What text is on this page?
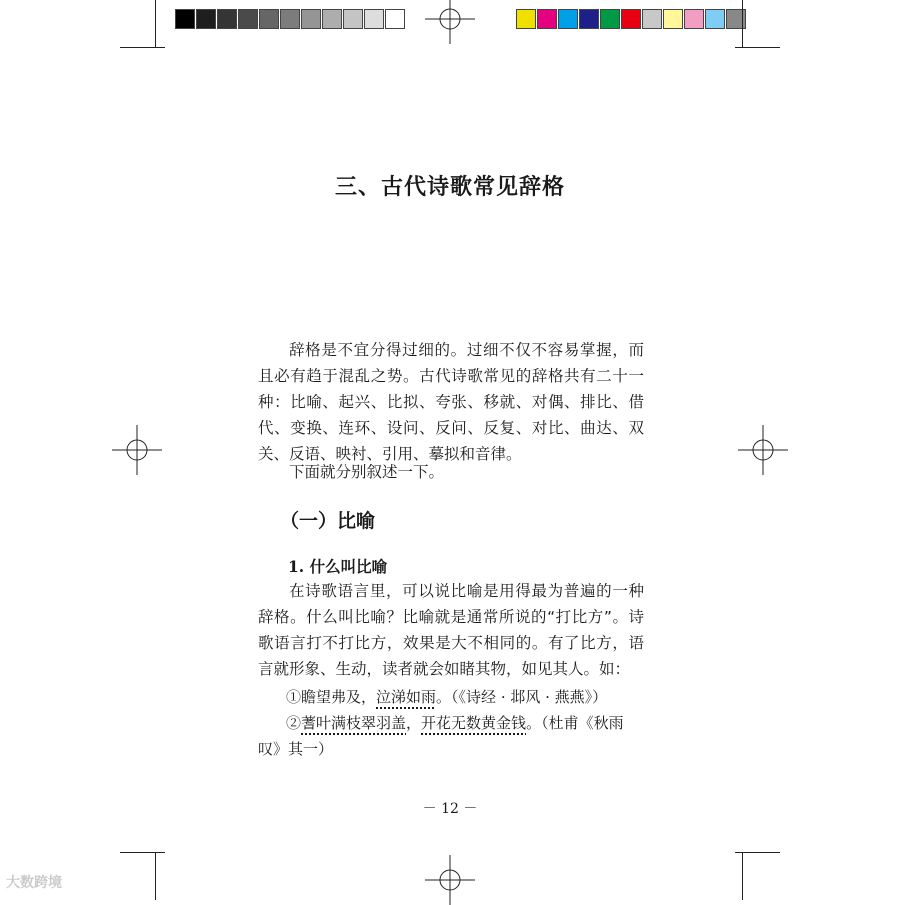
三、古代诗歌常见辞格
辞格是不宜分得过细的。过细不仅不容易掌握，而且必有趋于混乱之势。古代诗歌常见的辞格共有二十一种：比喻、起兴、比拟、夸张、移就、对偶、排比、借代、变换、连环、设问、反问、反复、对比、曲达、双关、反语、映衬、引用、摹拟和音律。
下面就分别叙述一下。
（一）比喻
1. 什么叫比喻
在诗歌语言里，可以说比喻是用得最为普遍的一种辞格。什么叫比喻？比喻就是通常所说的“打比方”。诗歌语言打不打比方，效果是大不相同的。有了比方，语言就形象、生动，读者就会如睹其物，如见其人。如：
①瞻望弗及，泣涕如雨。（《诗经 · 邶风 · 燕燕》）
②蓍叶满枝翠羽盖，开花无数黄金钱。（杜甫《秋雨叹》其一）
－ 12 －
大数跨境
